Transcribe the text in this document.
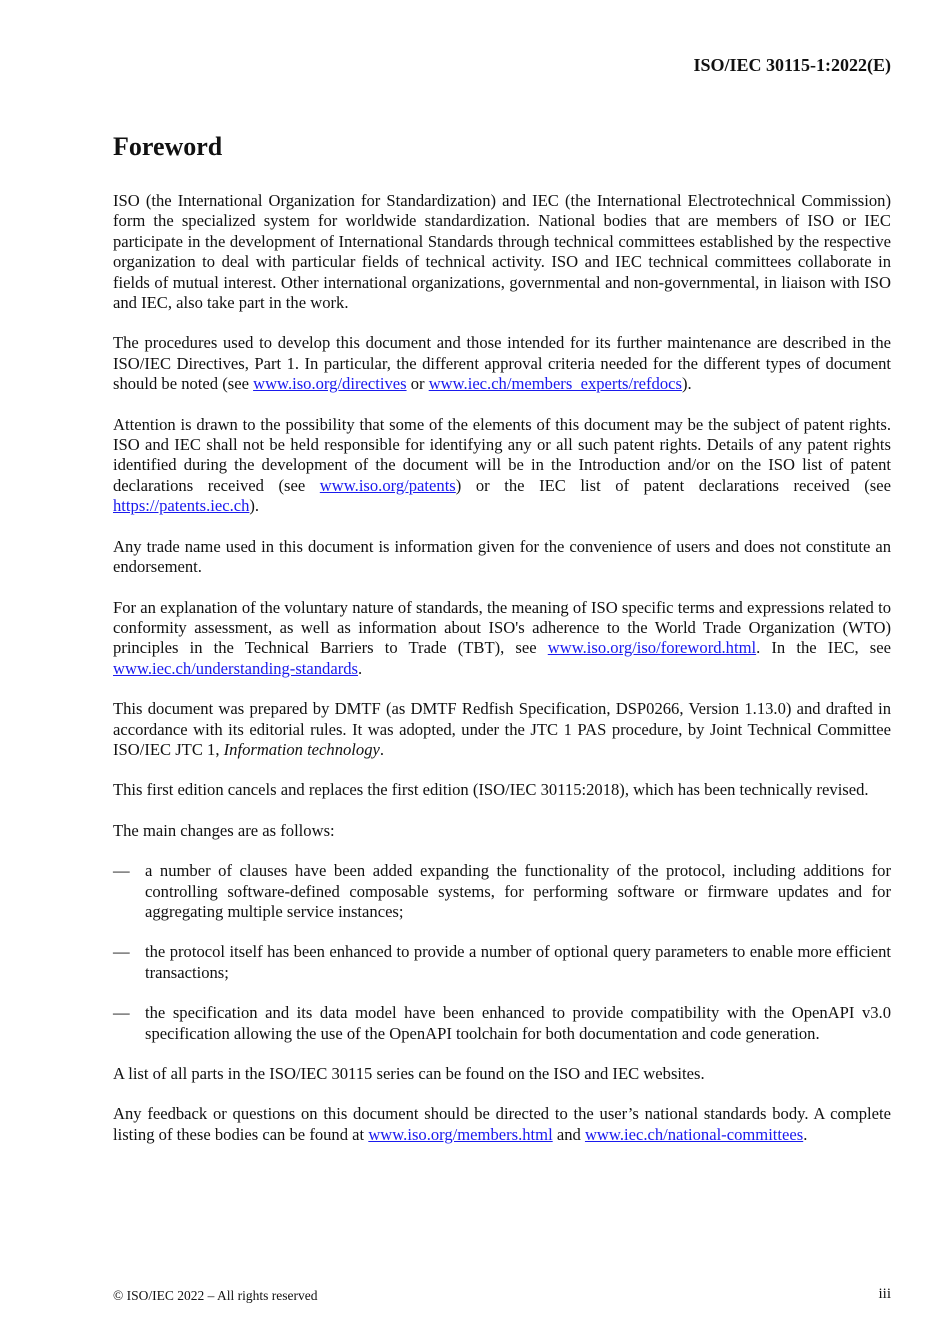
ISO/IEC 30115-1:2022(E)
Foreword

ISO (the International Organization for Standardization) and IEC (the International Electrotechnical Commission) form the specialized system for worldwide standardization. National bodies that are members of ISO or IEC participate in the development of International Standards through technical committees established by the respective organization to deal with particular fields of technical activity. ISO and IEC technical committees collaborate in fields of mutual interest. Other international organizations, governmental and non-governmental, in liaison with ISO and IEC, also take part in the work.

The procedures used to develop this document and those intended for its further maintenance are described in the ISO/IEC Directives, Part 1. In particular, the different approval criteria needed for the different types of document should be noted (see www.iso.org/directives or www.iec.ch/members_experts/refdocs).

Attention is drawn to the possibility that some of the elements of this document may be the subject of patent rights. ISO and IEC shall not be held responsible for identifying any or all such patent rights. Details of any patent rights identified during the development of the document will be in the Introduction and/or on the ISO list of patent declarations received (see www.iso.org/patents) or the IEC list of patent declarations received (see https://patents.iec.ch).

Any trade name used in this document is information given for the convenience of users and does not constitute an endorsement.

For an explanation of the voluntary nature of standards, the meaning of ISO specific terms and expressions related to conformity assessment, as well as information about ISO's adherence to the World Trade Organization (WTO) principles in the Technical Barriers to Trade (TBT), see www.iso.org/iso/foreword.html. In the IEC, see www.iec.ch/understanding-standards.

This document was prepared by DMTF (as DMTF Redfish Specification, DSP0266, Version 1.13.0) and drafted in accordance with its editorial rules. It was adopted, under the JTC 1 PAS procedure, by Joint Technical Committee ISO/IEC JTC 1, Information technology.

This first edition cancels and replaces the first edition (ISO/IEC 30115:2018), which has been technically revised.

The main changes are as follows:

— a number of clauses have been added expanding the functionality of the protocol, including additions for controlling software-defined composable systems, for performing software or firmware updates and for aggregating multiple service instances;

— the protocol itself has been enhanced to provide a number of optional query parameters to enable more efficient transactions;

— the specification and its data model have been enhanced to provide compatibility with the OpenAPI v3.0 specification allowing the use of the OpenAPI toolchain for both documentation and code generation.

A list of all parts in the ISO/IEC 30115 series can be found on the ISO and IEC websites.

Any feedback or questions on this document should be directed to the user’s national standards body. A complete listing of these bodies can be found at www.iso.org/members.html and www.iec.ch/national-committees.

© ISO/IEC 2022 – All rights reserved	iii
